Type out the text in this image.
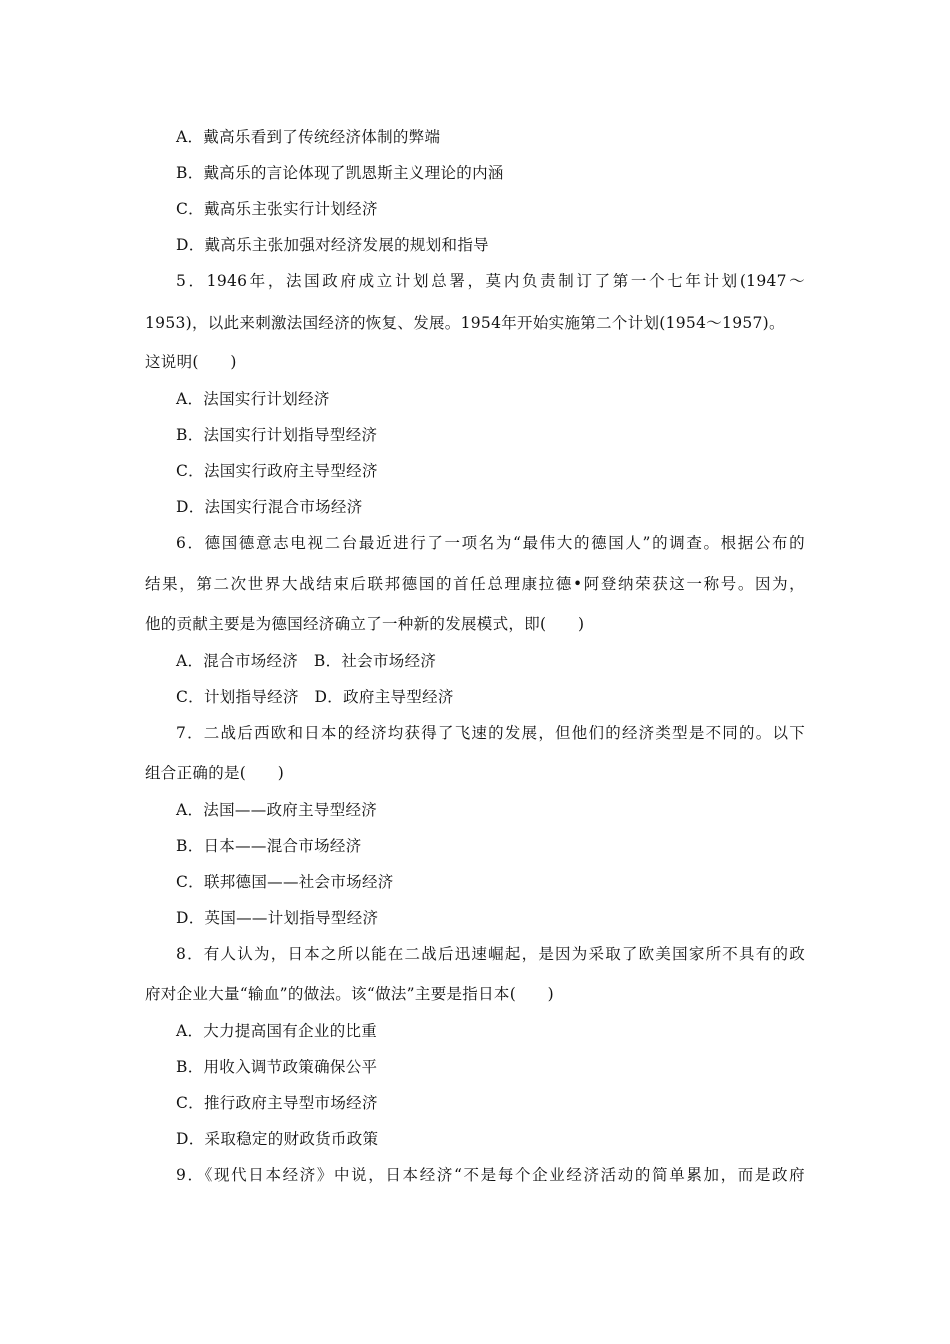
A．戴高乐看到了传统经济体制的弊端
B．戴高乐的言论体现了凯恩斯主义理论的内涵
C．戴高乐主张实行计划经济
D．戴高乐主张加强对经济发展的规划和指导
5．1946年，法国政府成立计划总署，莫内负责制订了第一个七年计划(1947～
1953)，以此来刺激法国经济的恢复、发展。1954年开始实施第二个计划(1954～1957)。
这说明(　　)
A．法国实行计划经济
B．法国实行计划指导型经济
C．法国实行政府主导型经济
D．法国实行混合市场经济
6．德国德意志电视二台最近进行了一项名为“最伟大的德国人”的调查。根据公布的
结果，第二次世界大战结束后联邦德国的首任总理康拉德•阿登纳荣获这一称号。因为，
他的贡献主要是为德国经济确立了一种新的发展模式，即(　　)
A．混合市场经济　B．社会市场经济
C．计划指导经济　D．政府主导型经济
7．二战后西欧和日本的经济均获得了飞速的发展，但他们的经济类型是不同的。以下
组合正确的是(　　)
A．法国——政府主导型经济
B．日本——混合市场经济
C．联邦德国——社会市场经济
D．英国——计划指导型经济
8．有人认为，日本之所以能在二战后迅速崛起，是因为采取了欧美国家所不具有的政
府对企业大量“输血”的做法。该“做法”主要是指日本(　　)
A．大力提高国有企业的比重
B．用收入调节政策确保公平
C．推行政府主导型市场经济
D．采取稳定的财政货币政策
9．《现代日本经济》中说，日本经济“不是每个企业经济活动的简单累加，而是政府
